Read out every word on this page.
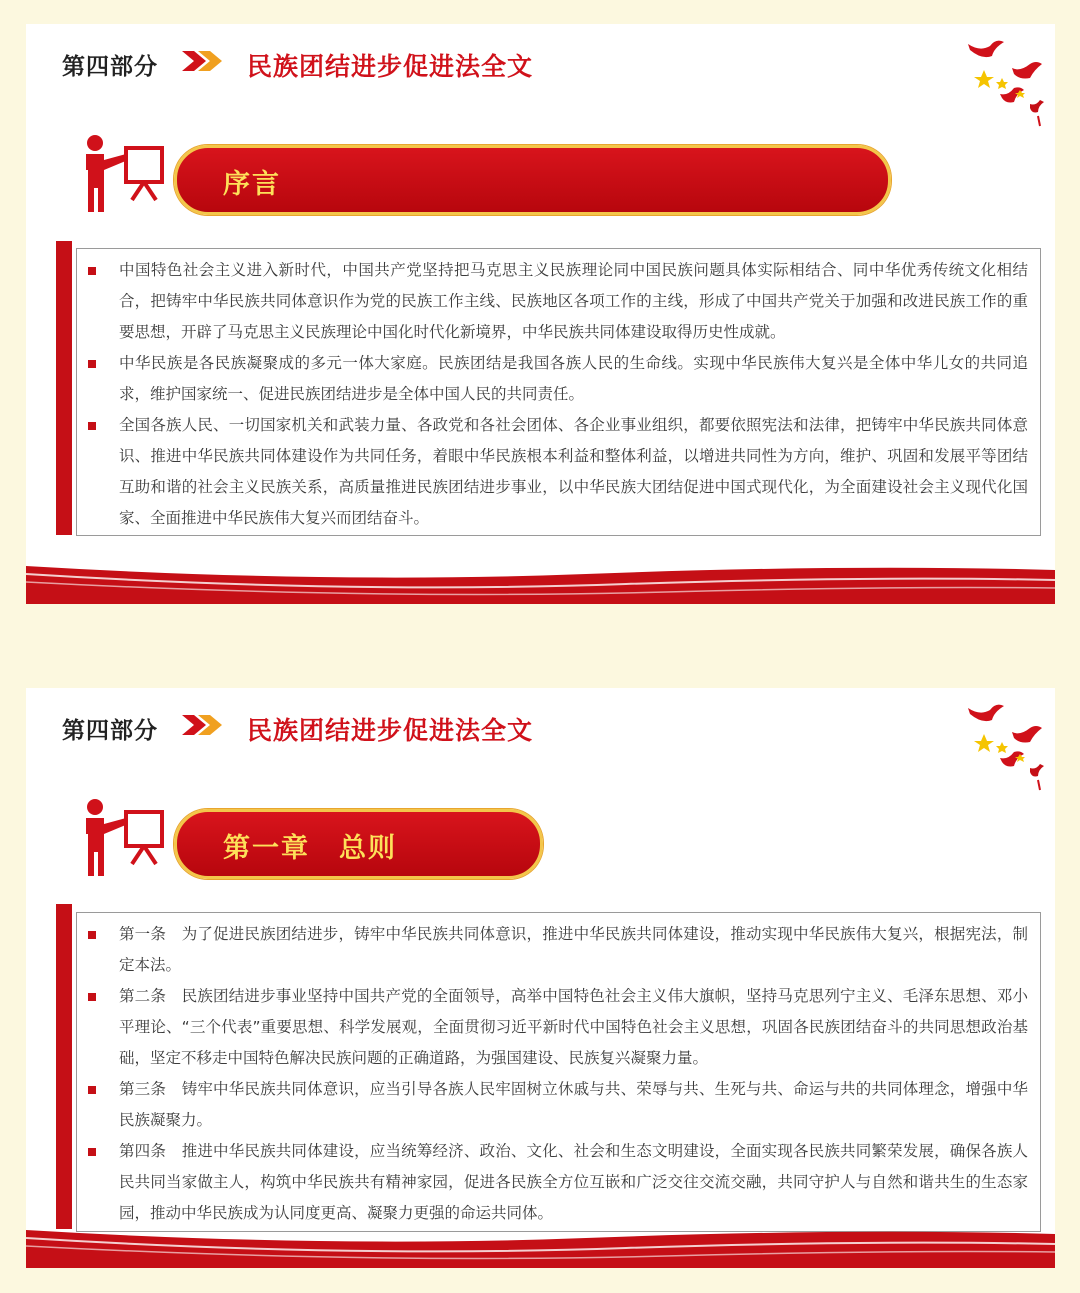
第四部分	民族团结进步促进法全文
序言
中国特色社会主义进入新时代，中国共产党坚持把马克思主义民族理论同中国民族问题具体实际相结合、同中华优秀传统文化相结合，把铸牢中华民族共同体意识作为党的民族工作主线、民族地区各项工作的主线，形成了中国共产党关于加强和改进民族工作的重要思想，开辟了马克思主义民族理论中国化时代化新境界，中华民族共同体建设取得历史性成就。
中华民族是各民族凝聚成的多元一体大家庭。民族团结是我国各族人民的生命线。实现中华民族伟大复兴是全体中华儿女的共同追求，维护国家统一、促进民族团结进步是全体中国人民的共同责任。
全国各族人民、一切国家机关和武装力量、各政党和各社会团体、各企业事业组织，都要依照宪法和法律，把铸牢中华民族共同体意识、推进中华民族共同体建设作为共同任务，着眼中华民族根本利益和整体利益，以增进共同性为方向，维护、巩固和发展平等团结互助和谐的社会主义民族关系，高质量推进民族团结进步事业，以中华民族大团结促进中国式现代化，为全面建设社会主义现代化国家、全面推进中华民族伟大复兴而团结奋斗。
第四部分	民族团结进步促进法全文
第一章　总则
第一条　为了促进民族团结进步，铸牢中华民族共同体意识，推进中华民族共同体建设，推动实现中华民族伟大复兴，根据宪法，制定本法。
第二条　民族团结进步事业坚持中国共产党的全面领导，高举中国特色社会主义伟大旗帜，坚持马克思列宁主义、毛泽东思想、邓小平理论、“三个代表”重要思想、科学发展观，全面贯彻习近平新时代中国特色社会主义思想，巩固各民族团结奋斗的共同思想政治基础，坚定不移走中国特色解决民族问题的正确道路，为强国建设、民族复兴凝聚力量。
第三条　铸牢中华民族共同体意识，应当引导各族人民牢固树立休戚与共、荣辱与共、生死与共、命运与共的共同体理念，增强中华民族凝聚力。
第四条　推进中华民族共同体建设，应当统筹经济、政治、文化、社会和生态文明建设，全面实现各民族共同繁荣发展，确保各族人民共同当家做主人，构筑中华民族共有精神家园，促进各民族全方位互嵌和广泛交往交流交融，共同守护人与自然和谐共生的生态家园，推动中华民族成为认同度更高、凝聚力更强的命运共同体。
